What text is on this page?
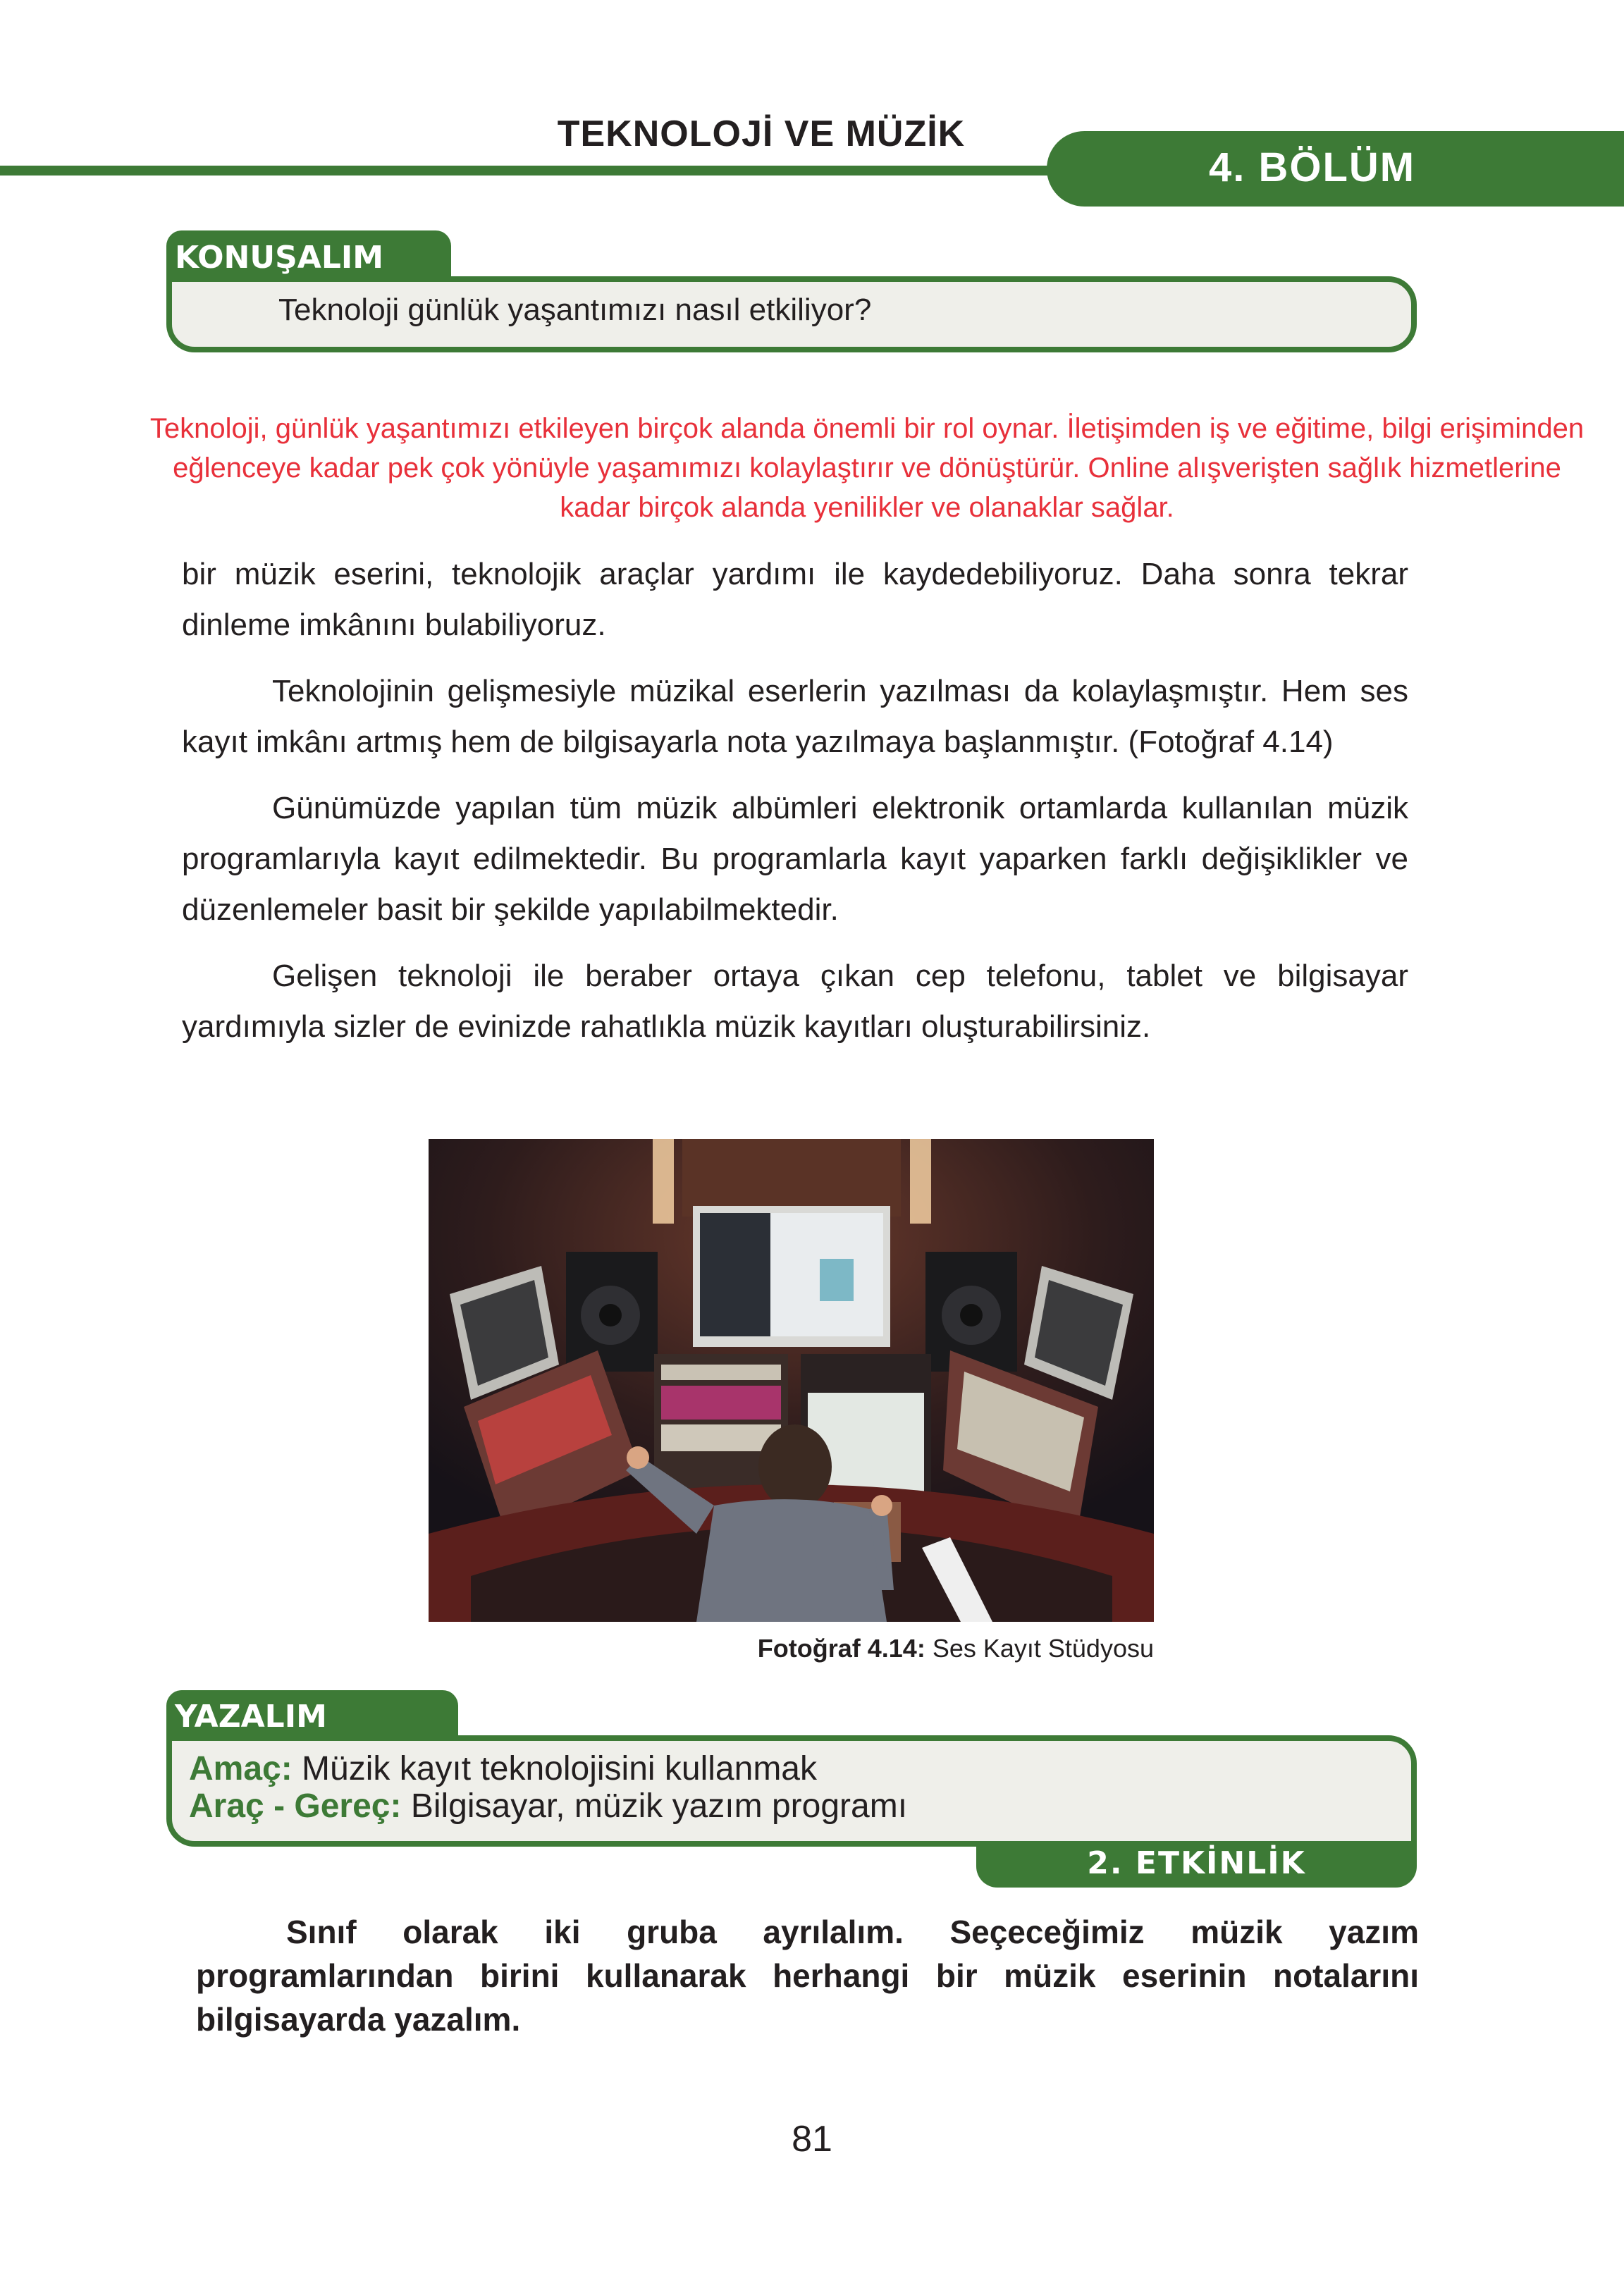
TEKNOLOJİ VE MÜZİK
4. BÖLÜM
KONUŞALIM
Teknoloji günlük yaşantımızı nasıl etkiliyor?
Teknoloji, günlük yaşantımızı etkileyen birçok alanda önemli bir rol oynar. İletişimden iş ve eğitime, bilgi erişiminden eğlenceye kadar pek çok yönüyle yaşamımızı kolaylaştırır ve dönüştürür. Online alışverişten sağlık hizmetlerine kadar birçok alanda yenilikler ve olanaklar sağlar.

bir müzik eserini, teknolojik araçlar yardımı ile kaydedebiliyoruz. Daha sonra tekrar dinleme imkânını bulabiliyoruz.

Teknolojinin gelişmesiyle müzikal eserlerin yazılması da kolaylaşmıştır. Hem ses kayıt imkânı artmış hem de bilgisayarla nota yazılmaya başlanmıştır. (Fotoğraf 4.14)

Günümüzde yapılan tüm müzik albümleri elektronik ortamlarda kullanılan müzik programlarıyla kayıt edilmektedir. Bu programlarla kayıt yaparken farklı değişiklikler ve düzenlemeler basit bir şekilde yapılabilmektedir.

Gelişen teknoloji ile beraber ortaya çıkan cep telefonu, tablet ve bilgisayar yardımıyla sizler de evinizde rahatlıkla müzik kayıtları oluşturabilirsiniz.

Fotoğraf 4.14: Ses Kayıt Stüdyosu
YAZALIM
Amaç: Müzik kayıt teknolojisini kullanmak
Araç - Gereç: Bilgisayar, müzik yazım programı
2. ETKİNLİK

Sınıf olarak iki gruba ayrılalım. Seçeceğimiz müzik yazım programlarından birini kullanarak herhangi bir müzik eserinin notalarını bilgisayarda yazalım.

81
